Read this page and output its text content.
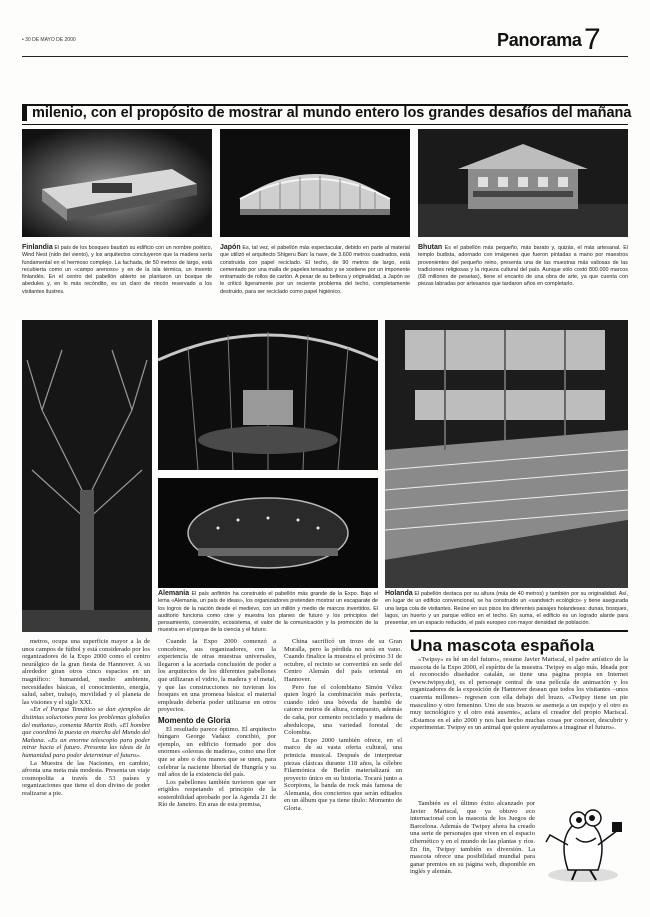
• 30 DE MAYO DE 2000	Panorama 7
milenio, con el propósito de mostrar al mundo entero los grandes desafíos del mañana
Finlandia El país de los bosques bautizó su edificio con un nombre poético, Wind Nest (nido del viento), y los arquitectos concluyeron que la madera sería fundamental en el hermoso complejo. La fachada, de 50 metros de largo, está recubierta como un «campo arenoso» y en de la isla térmica, un invento finlandés. En el centro del pabellón abierto se plantaron un bosque de abedules y, en lo más recóndito, es un claro de rincón reservado a los visitantes ilustres.
Japón Es, tal vez, el pabellón más espectacular, debido en parte al material que utilizó el arquitecto Shigeru Ban: la nave, de 3.600 metros cuadrados, está construida con papel reciclado. El techo, de 90 metros de largo, está cementado por una malla de papeles tensados y se sostiene por un imponente entramado de rollos de cartón. A pesar de su belleza y originalidad, a Japón se le criticó ligeramente por un reciente problema del techo, completamente destruido, para ser reciclado como papel higiénico.
Bhutan Es el pabellón más pequeño, más barato y, quizás, el más artesanal. El templo budista, adornado con imágenes que fueron pintadas a mano por maestros provenientes del pequeño reino, presenta una de las muestras más valiosas de las tradiciones religiosas y la riqueza cultural del país. Aunque sólo costó 800.000 marcos (68 millones de pesetas), tiene el encanto de una obra de arte, ya que cuenta con piezas labradas por artesanos que tardaron años en completarlo.
Alemania El país anfitrión ha construido el pabellón más grande de la Expo. Bajo el lema «Alemania, un país de ideas», los organizadores pretenden mostrar un escaparate de los logros de la nación desde el medievo, con un millón y medio de marcos invertidos. El auditorio funciona como cine y muestra los planes de futuro y los principios del pensamiento, conversión, ecosistema, el valor de la comunicación y la promoción de la muestra en el parque de la ciencia y el futuro.
Holanda El pabellón destaca por su altura (más de 40 metros) y también por su originalidad. Así, en lugar de un edificio convencional, se ha construido un «sandwich ecológico» y tiene asegurada una larga cola de visitantes. Reúne en sus pisos los diferentes paisajes holandeses: dunas, bosques, lagos, un huerto y un parque eólico en el techo. En suma, el edificio es un logrado alarde para presentar, en un espacio reducido, el país europeo con mayor densidad de población.

metros, ocupa una superficie mayor a la de unos campos de fútbol y está considerado por los organizadores de la Expo 2000 como el centro neurálgico de la gran fiesta de Hannover. A su alrededor giran otros cinco espacios en un magnífico: humanidad, medio ambiente, necesidades básicas, el conocimiento, energía, salud, saber, trabajo, movilidad y el planeta de las visiones y el siglo XXI.

«En el Parque Temático se dan ejemplos de distintas soluciones para los problemas globales del mañana», comenta Martin Roth. «El hombre que coordinó la puesta en marcha del Mundo del Mañana. «Es un enorme telescopio para poder mirar hacia el futuro. Presenta las ideas de la humanidad para poder determinar el futuro».

La Muestra de las Naciones, en cambio, afronta una meta más modesta. Presenta un viaje cosmopolita a través de 53 países y organizaciones que tiene el don divino de poder realizarse a pie.

Cuando la Expo 2000 comenzó a concebirse, sus organizadores, con la experiencia de otras muestras universales, llegaron a la acertada conclusión de poder a los arquitectos de los diferentes pabellones que utilizaran el vidrio, la madera y el metal, y que las construcciones no tuvieran los bosques en una promesa básica: el material empleado debería poder utilizarse en otros proyectos.

Momento de Gloria

El resultado parece óptimo. El arquitecto húngaro George Vadász concibió, por ejemplo, un edificio formado por dos enormes «oleoras de madera», como una flor que se abre o dos manos que se unen, para celebrar la naciente libertad de Hungría y su mil años de la existencia del país.

Los pabellones también tuvieron que ser erigidos respetando el principio de la sostenibilidad aprobado por la Agenda 21 de Río de Janeiro. En aras de esta premisa,

China sacrificó un trozo de su Gran Muralla, pero la pérdida no será en vano. Cuando finalice la muestra el próximo 31 de octubre, el recinto se convertirá en sede del Centro Alemán del país oriental en Hannover.

Pero fue el colombiano Simón Vélez quien logró la combinación más perfecta, cuando ideó una bóveda de bambú de catorce metros de altura, compuesto, además de caña, por cemento reciclado y madera de abedulcopa, una variedad forestal de Colombia.

La Expo 2000 también ofrece, en el marco de su vasta oferta cultural, una primicia musical. Después de interpretar piezas clásicas durante 118 años, la célebre Filarmónica de Berlín materializará un proyecto único en su historia. Tocará junto a Scorpions, la banda de rock más famosa de Alemania, dos conciertos que serán editados en un álbum que ya tiene título: Momento de Gloria.

Una mascota española

«Twipsy» es hé un del futuro», resume Javier Mariscal, el padre artístico de la mascota de la Expo 2000, el espíritu de la muestra. Twipsy es algo más. Ideada por el reconocido diseñador catalán, se tiene una página propia en Internet (www.twipsy.de), es el personaje central de una película de animación y los organizadores de la exposición de Hannover desean que todos los visitantes –unos cuarenta millones– regresen con ella debajo del brazo. «Twipsy tiene un pie masculino y otro femenino. Uno de sus brazos se asemeja a un espejo y el otro es muy tecnológico y el otro está ausente», aclara el creador del propio Mariscal. «Estamos en el año 2000 y nos han hecho muchas cosas por conocer, descubrir y experimentar. Twipsy es un animal que quiere ayudarnos a imaginar el futuro».

También es el último éxito alcanzado por Javier Mariscal, que ya obtuvo eco internacional con la mascota de los Juegos de Barcelona. Además de Twipsy ahora ha creado una serie de personajes que viven en el espacio cibernético y en el mundo de las plantas y ríos. En fin, Twipsy también es diversión. La mascota ofrece una posibilidad mundial para ganar premios en su página web, disponible en inglés y alemán.
